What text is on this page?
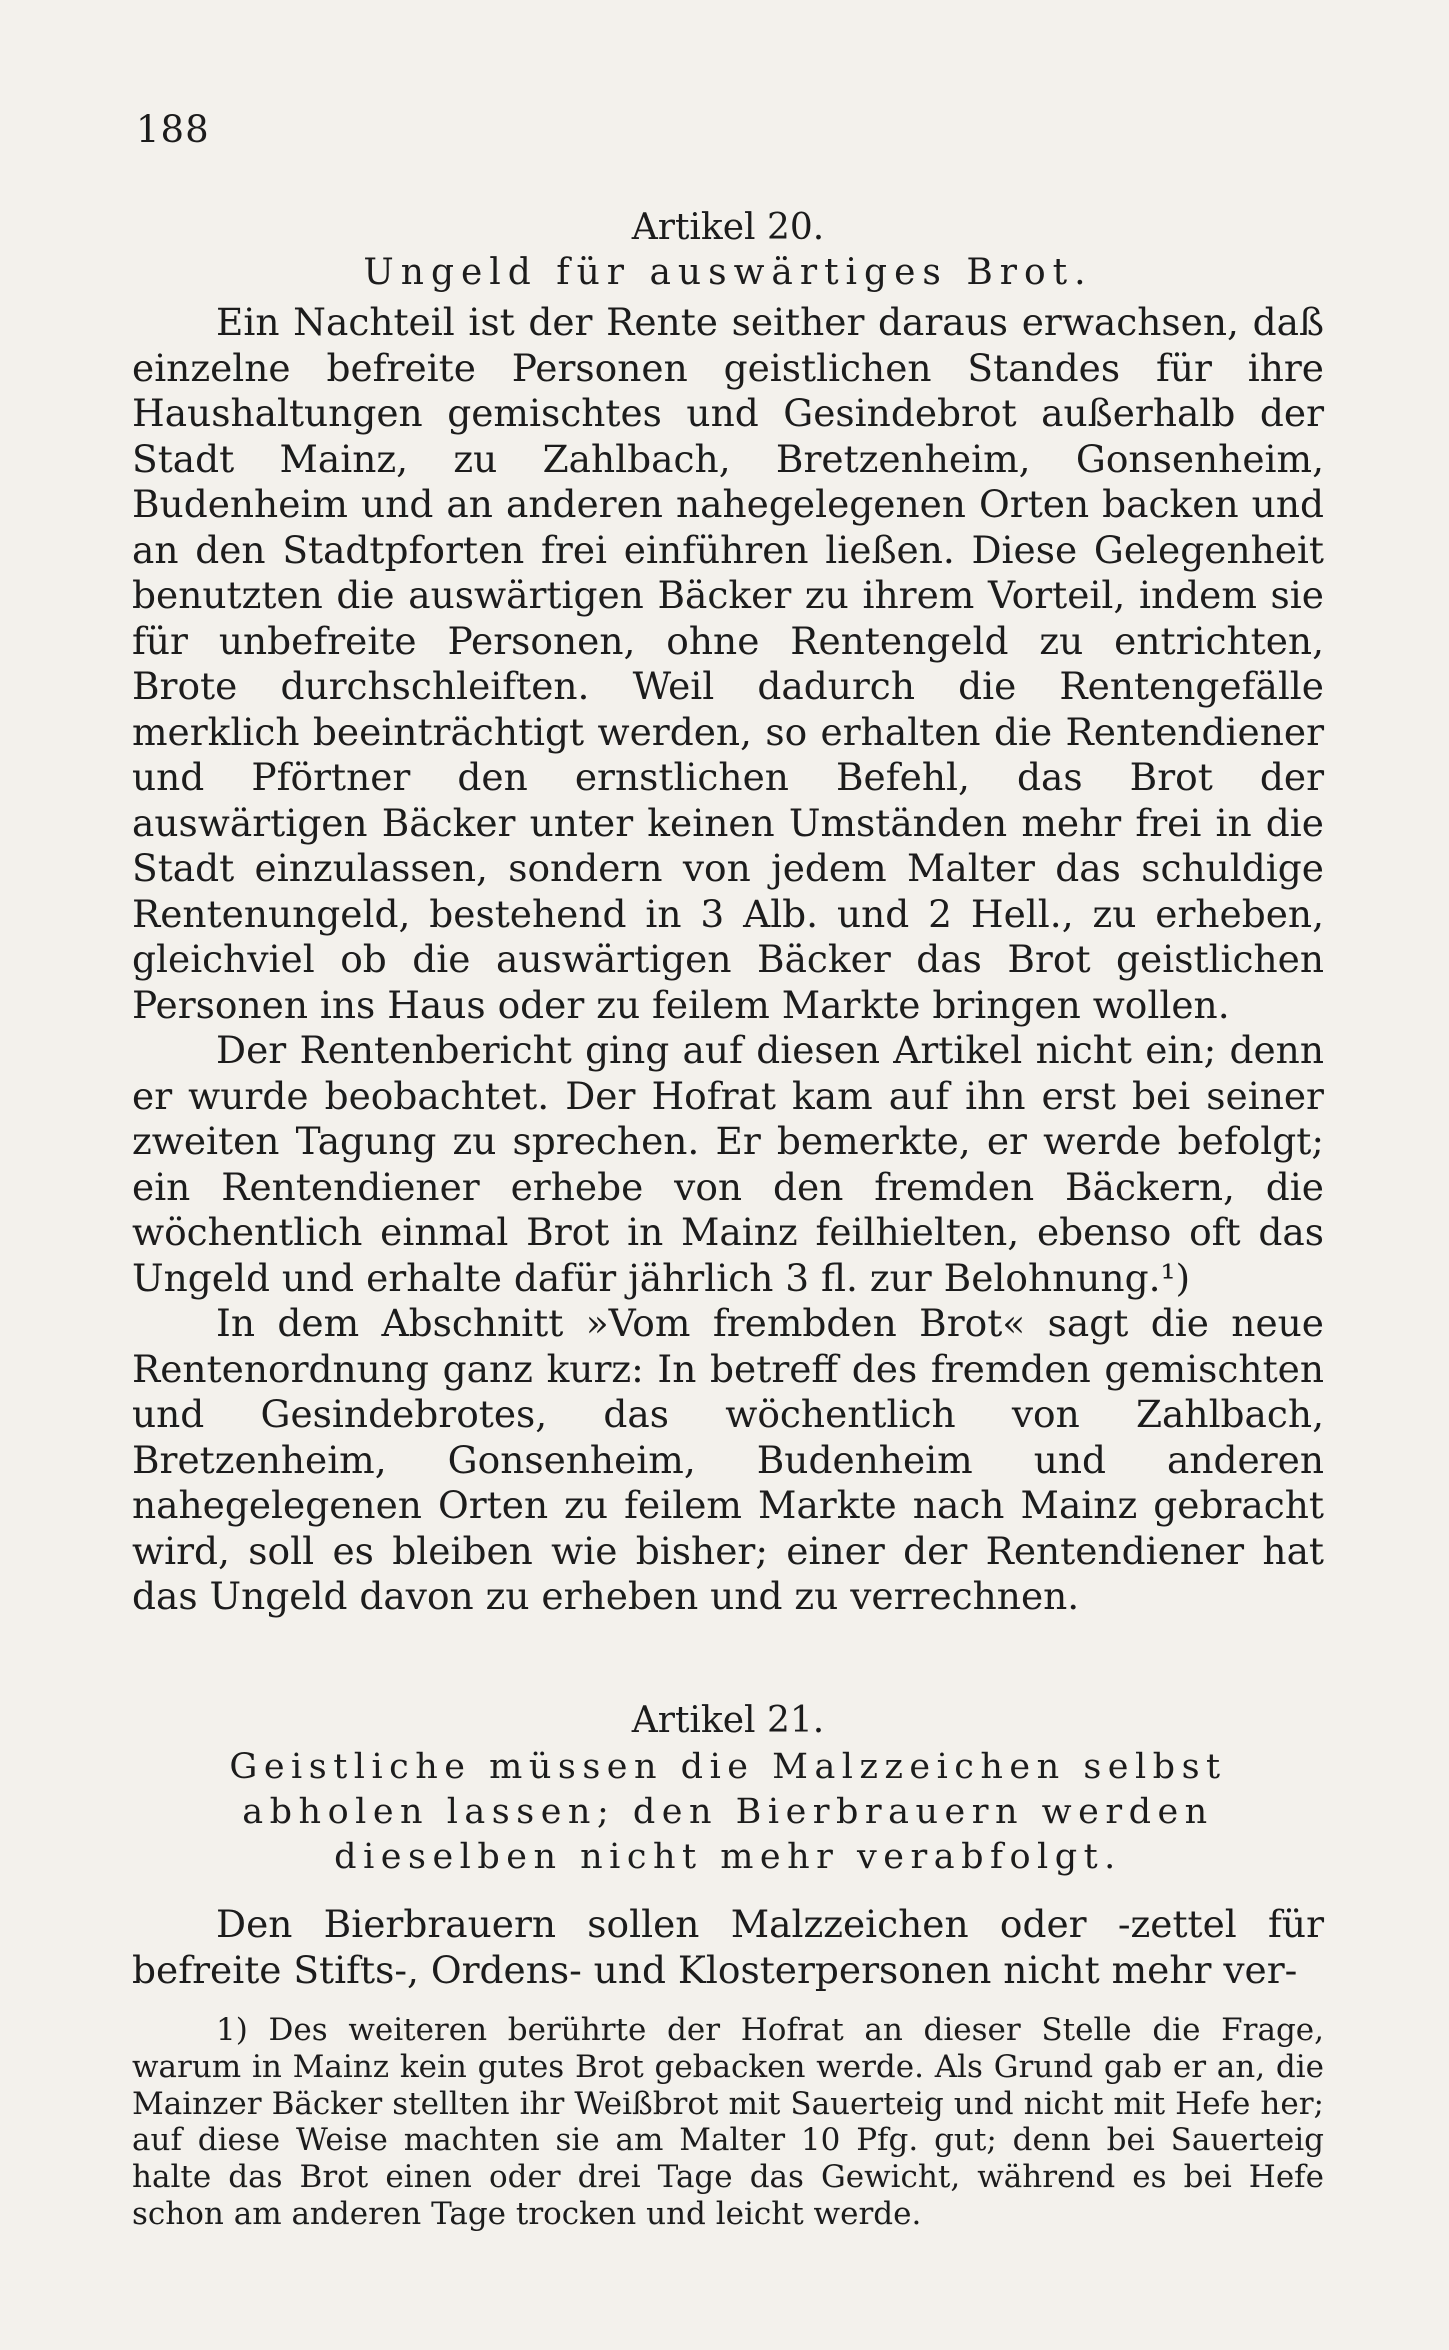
188
Artikel 20.
Ungeld für auswärtiges Brot.

Ein Nachteil ist der Rente seither daraus erwachsen, daß einzelne befreite Personen geistlichen Standes für ihre Haushaltungen gemischtes und Gesindebrot außerhalb der Stadt Mainz, zu Zahlbach, Bretzenheim, Gonsenheim, Budenheim und an anderen nahegelegenen Orten backen und an den Stadtpforten frei einführen ließen. Diese Gelegenheit benutzten die auswärtigen Bäcker zu ihrem Vorteil, indem sie für unbefreite Personen, ohne Rentengeld zu entrichten, Brote durchschleiften. Weil dadurch die Rentengefälle merklich beeinträchtigt werden, so erhalten die Rentendiener und Pförtner den ernstlichen Befehl, das Brot der auswärtigen Bäcker unter keinen Umständen mehr frei in die Stadt einzulassen, sondern von jedem Malter das schuldige Rentenungeld, bestehend in 3 Alb. und 2 Hell., zu erheben, gleichviel ob die auswärtigen Bäcker das Brot geistlichen Personen ins Haus oder zu feilem Markte bringen wollen.

Der Rentenbericht ging auf diesen Artikel nicht ein; denn er wurde beobachtet. Der Hofrat kam auf ihn erst bei seiner zweiten Tagung zu sprechen. Er bemerkte, er werde befolgt; ein Rentendiener erhebe von den fremden Bäckern, die wöchentlich einmal Brot in Mainz feilhielten, ebenso oft das Ungeld und erhalte dafür jährlich 3 fl. zur Belohnung.¹)

In dem Abschnitt »Vom frembden Brot« sagt die neue Rentenordnung ganz kurz: In betreff des fremden gemischten und Gesindebrotes, das wöchentlich von Zahlbach, Bretzenheim, Gonsenheim, Budenheim und anderen nahegelegenen Orten zu feilem Markte nach Mainz gebracht wird, soll es bleiben wie bisher; einer der Rentendiener hat das Ungeld davon zu erheben und zu verrechnen.

Artikel 21.
Geistliche müssen die Malzzeichen selbst abholen lassen; den Bierbrauern werden dieselben nicht mehr verabfolgt.

Den Bierbrauern sollen Malzzeichen oder -zettel für befreite Stifts-, Ordens- und Klosterpersonen nicht mehr ver-

1) Des weiteren berührte der Hofrat an dieser Stelle die Frage, warum in Mainz kein gutes Brot gebacken werde. Als Grund gab er an, die Mainzer Bäcker stellten ihr Weißbrot mit Sauerteig und nicht mit Hefe her; auf diese Weise machten sie am Malter 10 Pfg. gut; denn bei Sauerteig halte das Brot einen oder drei Tage das Gewicht, während es bei Hefe schon am anderen Tage trocken und leicht werde.
